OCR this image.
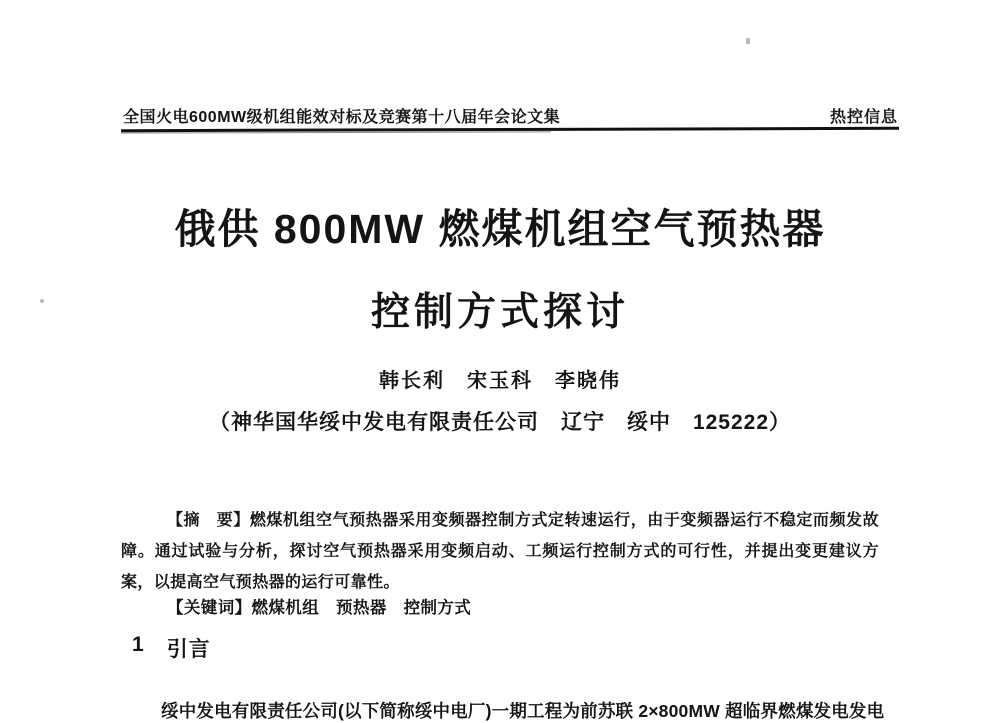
全国火电600MW级机组能效对标及竞赛第十八届年会论文集	热控信息
俄供 800MW 燃煤机组空气预热器
控制方式探讨
韩长利　宋玉科　李晓伟
（神华国华绥中发电有限责任公司　辽宁　绥中　125222）

【摘　要】燃煤机组空气预热器采用变频器控制方式定转速运行，由于变频器运行不稳定而频发故障。通过试验与分析，探讨空气预热器采用变频启动、工频运行控制方式的可行性，并提出变更建议方案，以提高空气预热器的运行可靠性。

【关键词】燃煤机组　预热器　控制方式

1 引言

绥中发电有限责任公司(以下简称绥中电厂)一期工程为前苏联 2×800MW 超临界燃煤发电发电
